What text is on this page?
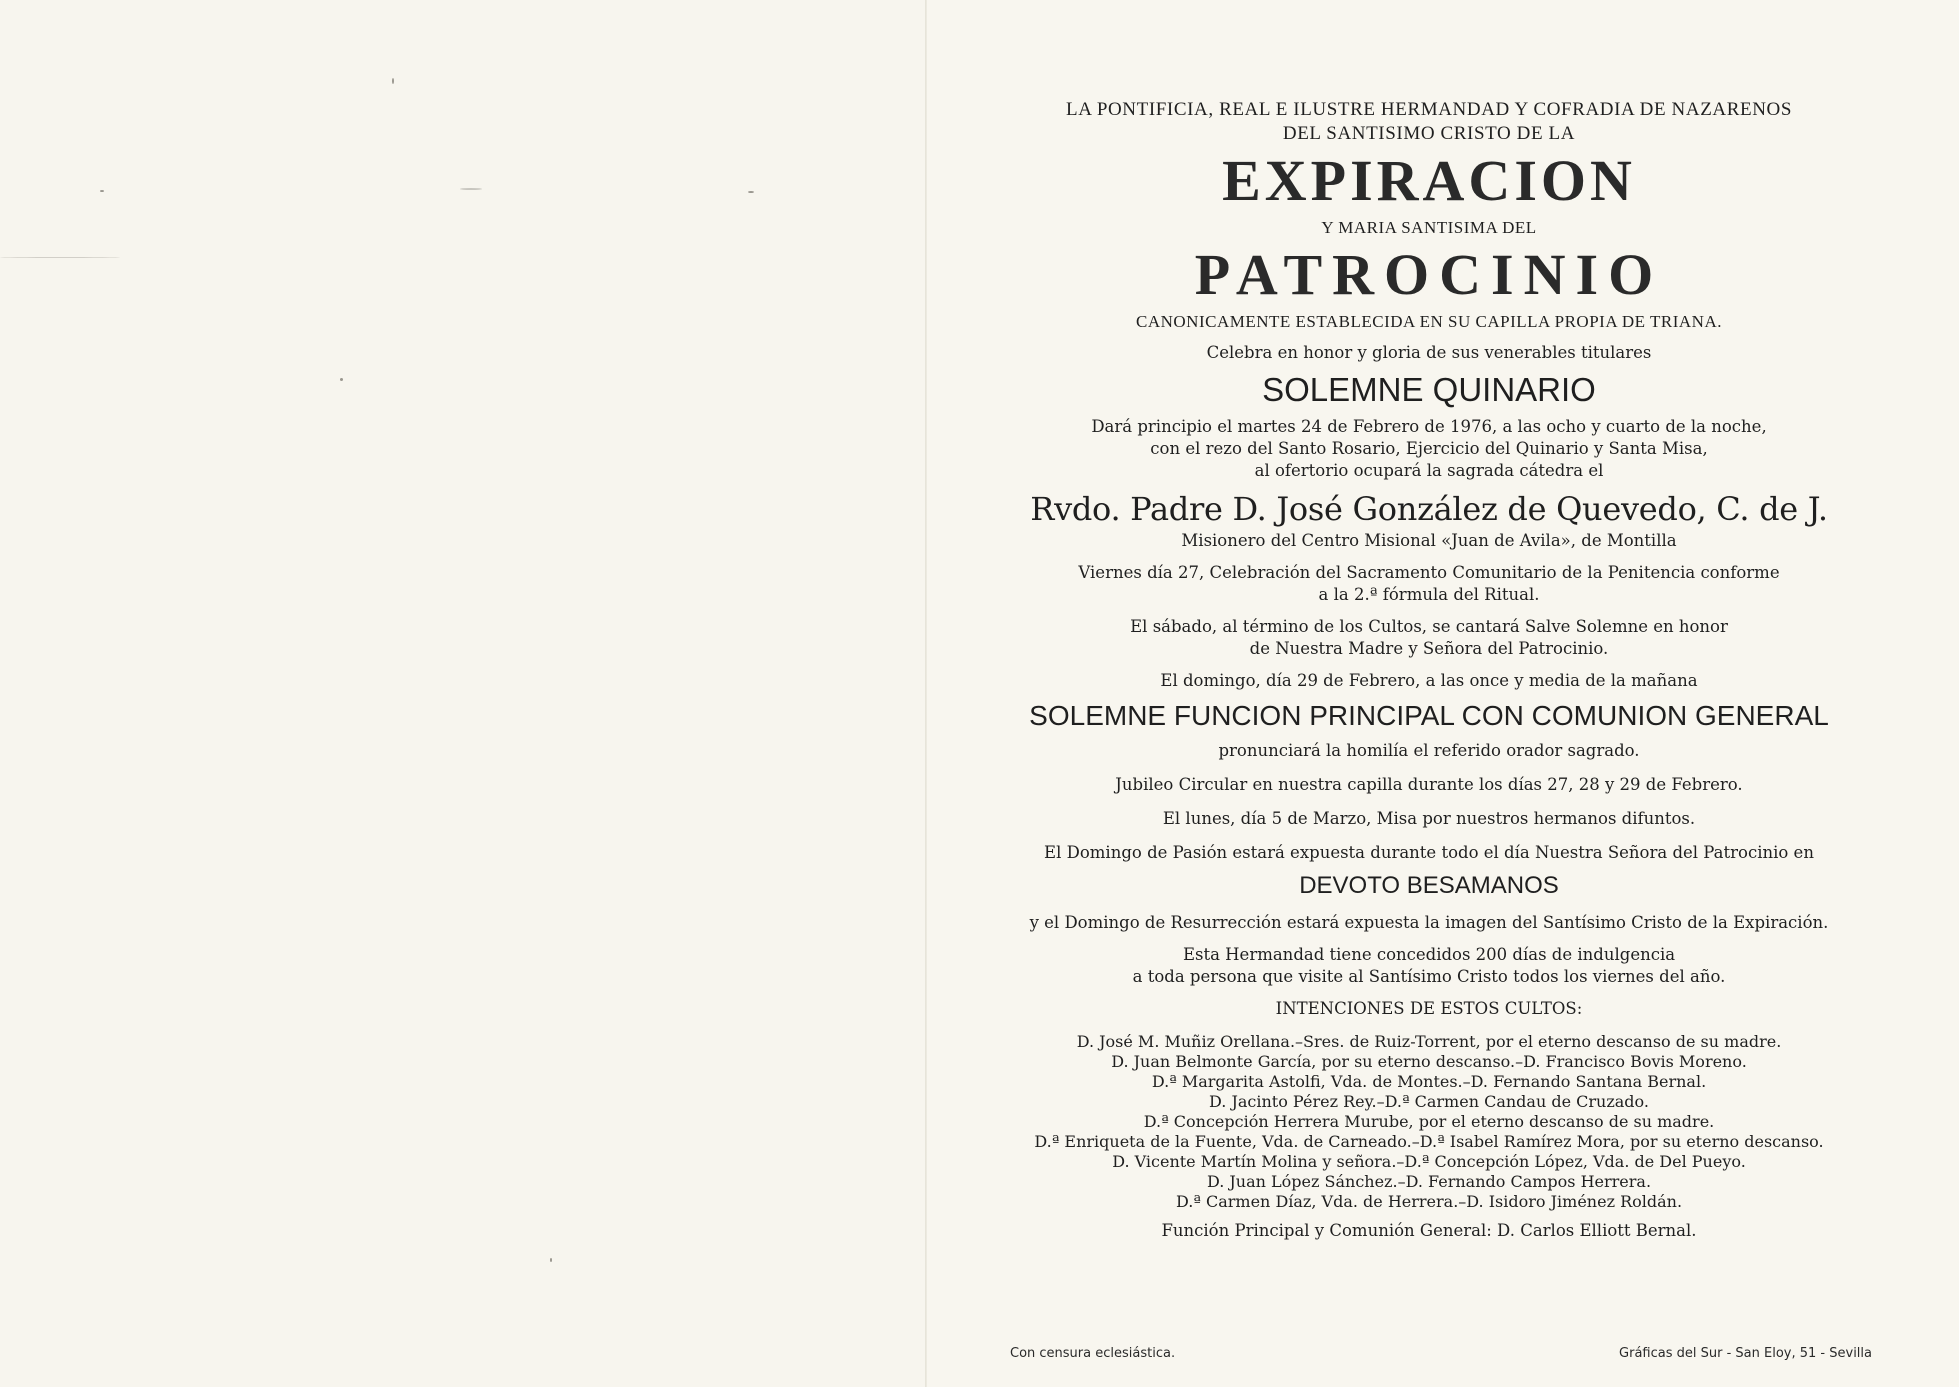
LA PONTIFICIA, REAL E ILUSTRE HERMANDAD Y COFRADIA DE NAZARENOS
DEL SANTISIMO CRISTO DE LA
EXPIRACION
Y MARIA SANTISIMA DEL
PATROCINIO
CANONICAMENTE ESTABLECIDA EN SU CAPILLA PROPIA DE TRIANA.
Celebra en honor y gloria de sus venerables titulares
SOLEMNE QUINARIO
Dará principio el martes 24 de Febrero de 1976, a las ocho y cuarto de la noche,
con el rezo del Santo Rosario, Ejercicio del Quinario y Santa Misa,
al ofertorio ocupará la sagrada cátedra el
Rvdo. Padre D. José González de Quevedo, C. de J.
Misionero del Centro Misional «Juan de Avila», de Montilla
Viernes día 27, Celebración del Sacramento Comunitario de la Penitencia conforme
a la 2.ª fórmula del Ritual.
El sábado, al término de los Cultos, se cantará Salve Solemne en honor
de Nuestra Madre y Señora del Patrocinio.
El domingo, día 29 de Febrero, a las once y media de la mañana
SOLEMNE FUNCION PRINCIPAL CON COMUNION GENERAL
pronunciará la homilía el referido orador sagrado.
Jubileo Circular en nuestra capilla durante los días 27, 28 y 29 de Febrero.
El lunes, día 5 de Marzo, Misa por nuestros hermanos difuntos.
El Domingo de Pasión estará expuesta durante todo el día Nuestra Señora del Patrocinio en
DEVOTO BESAMANOS
y el Domingo de Resurrección estará expuesta la imagen del Santísimo Cristo de la Expiración.
Esta Hermandad tiene concedidos 200 días de indulgencia
a toda persona que visite al Santísimo Cristo todos los viernes del año.
INTENCIONES DE ESTOS CULTOS:
D. José M. Muñiz Orellana.–Sres. de Ruiz-Torrent, por el eterno descanso de su madre.
D. Juan Belmonte García, por su eterno descanso.–D. Francisco Bovis Moreno.
D.ª Margarita Astolfi, Vda. de Montes.–D. Fernando Santana Bernal.
D. Jacinto Pérez Rey.–D.ª Carmen Candau de Cruzado.
D.ª Concepción Herrera Murube, por el eterno descanso de su madre.
D.ª Enriqueta de la Fuente, Vda. de Carneado.–D.ª Isabel Ramírez Mora, por su eterno descanso.
D. Vicente Martín Molina y señora.–D.ª Concepción López, Vda. de Del Pueyo.
D. Juan López Sánchez.–D. Fernando Campos Herrera.
D.ª Carmen Díaz, Vda. de Herrera.–D. Isidoro Jiménez Roldán.
Función Principal y Comunión General: D. Carlos Elliott Bernal.
Con censura eclesiástica.	Gráficas del Sur - San Eloy, 51 - Sevilla
